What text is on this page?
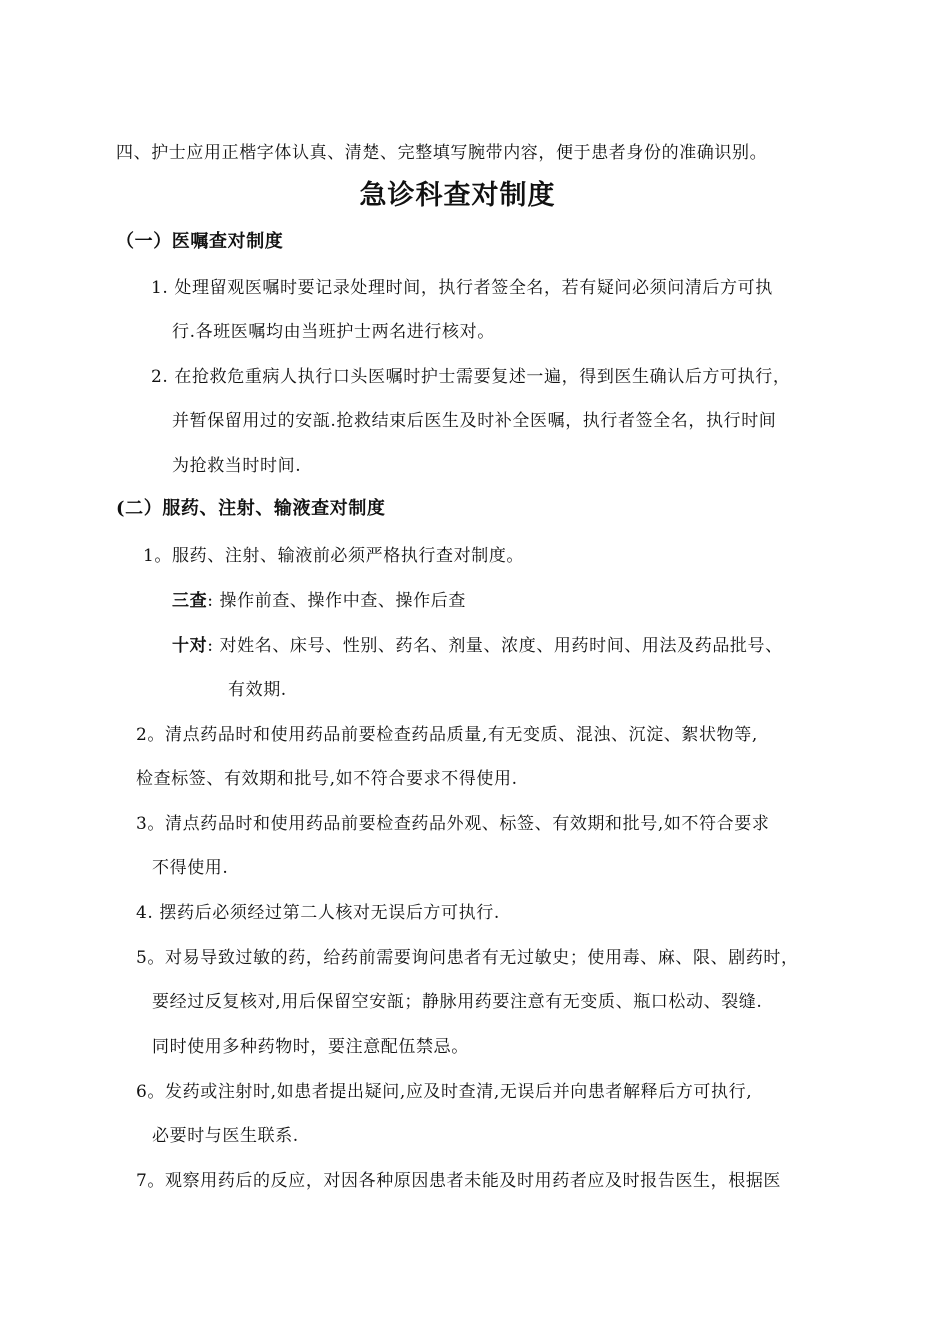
四、护士应用正楷字体认真、清楚、完整填写腕带内容，便于患者身份的准确识别。
急诊科查对制度
（一）医嘱查对制度
1. 处理留观医嘱时要记录处理时间，执行者签全名，若有疑问必须问清后方可执
行.各班医嘱均由当班护士两名进行核对。
2. 在抢救危重病人执行口头医嘱时护士需要复述一遍，得到医生确认后方可执行，
并暂保留用过的安瓿.抢救结束后医生及时补全医嘱，执行者签全名，执行时间
为抢救当时时间.
(二）服药、注射、输液查对制度
1。服药、注射、输液前必须严格执行查对制度。
三查: 操作前查、操作中查、操作后查
十对: 对姓名、床号、性别、药名、剂量、浓度、用药时间、用法及药品批号、
有效期.
2。清点药品时和使用药品前要检查药品质量,有无变质、混浊、沉淀、絮状物等,
检查标签、有效期和批号,如不符合要求不得使用.
3。清点药品时和使用药品前要检查药品外观、标签、有效期和批号,如不符合要求
不得使用.
4. 摆药后必须经过第二人核对无误后方可执行.
5。对易导致过敏的药，给药前需要询问患者有无过敏史；使用毒、麻、限、剧药时，
要经过反复核对,用后保留空安瓿；静脉用药要注意有无变质、瓶口松动、裂缝.
同时使用多种药物时，要注意配伍禁忌。
6。发药或注射时,如患者提出疑问,应及时查清,无误后并向患者解释后方可执行,
必要时与医生联系.
7。观察用药后的反应，对因各种原因患者未能及时用药者应及时报告医生，根据医
